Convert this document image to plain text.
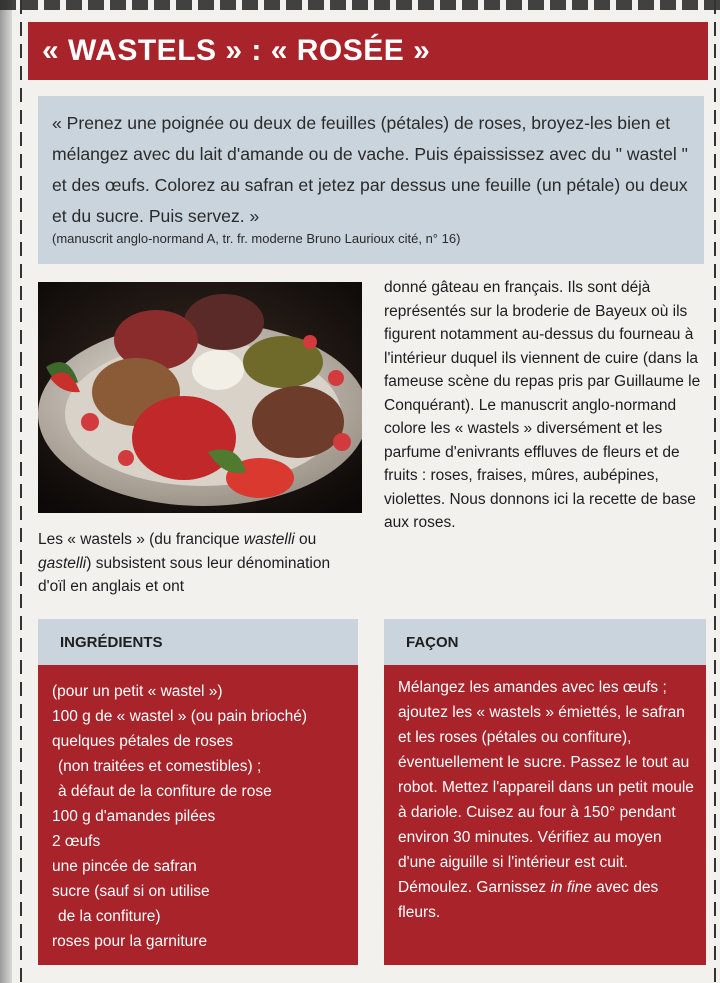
« WASTELS » : « ROSÉE »
« Prenez une poignée ou deux de feuilles (pétales) de roses, broyez-les bien et mélangez avec du lait d'amande ou de vache. Puis épaississez avec du " wastel " et des œufs. Colorez au safran et jetez par dessus une feuille (un pétale) ou deux et du sucre. Puis servez. »
(manuscrit anglo-normand A, tr. fr. moderne Bruno Laurioux cité, n° 16)
Les « wastels » (du francique wastelli ou gastelli) subsistent sous leur dénomination d'oïl en anglais et ont
donné gâteau en français. Ils sont déjà représentés sur la broderie de Bayeux où ils figurent notamment au-dessus du fourneau à l'intérieur duquel ils viennent de cuire (dans la fameuse scène du repas pris par Guillaume le Conquérant). Le manuscrit anglo-normand colore les « wastels » diversément et les parfume d'enivrants effluves de fleurs et de fruits : roses, fraises, mûres, aubépines, violettes. Nous donnons ici la recette de base aux roses.
INGRÉDIENTS
(pour un petit « wastel »)
100 g de « wastel » (ou pain brioché)
quelques pétales de roses
(non traitées et comestibles) ;
à défaut de la confiture de rose
100 g d'amandes pilées
2 œufs
une pincée de safran
sucre (sauf si on utilise
de la confiture)
roses pour la garniture
FAÇON
Mélangez les amandes avec les œufs ; ajoutez les « wastels » émiettés, le safran et les roses (pétales ou confiture), éventuellement le sucre. Passez le tout au robot. Mettez l'appareil dans un petit moule à dariole. Cuisez au four à 150° pendant environ 30 minutes. Vérifiez au moyen d'une aiguille si l'intérieur est cuit. Démoulez. Garnissez in fine avec des fleurs.
